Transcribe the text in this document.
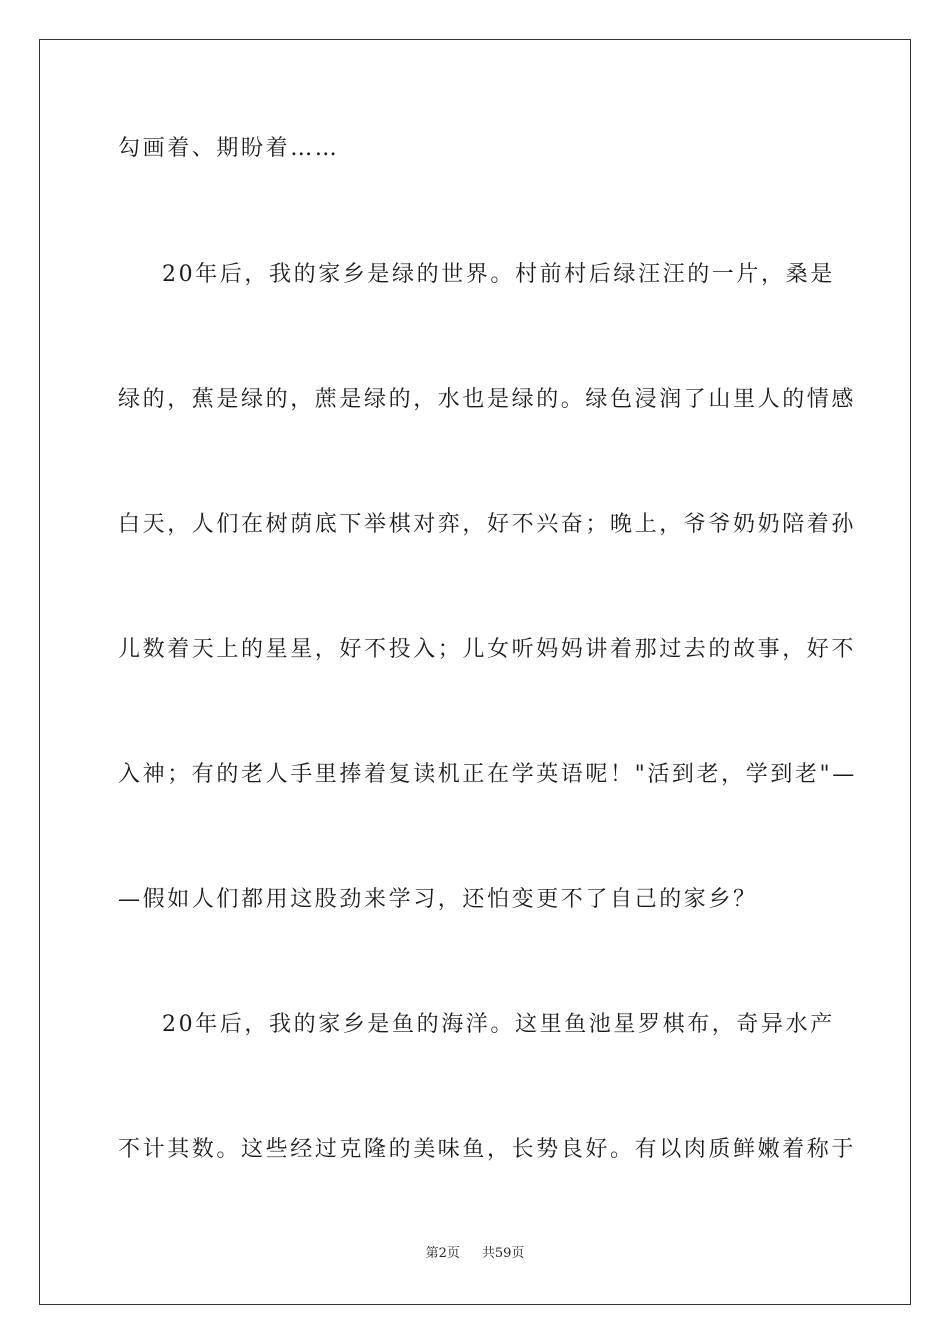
勾画着、期盼着……
20年后，我的家乡是绿的世界。村前村后绿汪汪的一片，桑是
绿的，蕉是绿的，蔗是绿的，水也是绿的。绿色浸润了山里人的情感
白天，人们在树荫底下举棋对弈，好不兴奋；晚上，爷爷奶奶陪着孙
儿数着天上的星星，好不投入；儿女听妈妈讲着那过去的故事，好不
入神；有的老人手里捧着复读机正在学英语呢！"活到老，学到老"—
—假如人们都用这股劲来学习，还怕变更不了自己的家乡？
20年后，我的家乡是鱼的海洋。这里鱼池星罗棋布，奇异水产
不计其数。这些经过克隆的美味鱼，长势良好。有以肉质鲜嫩着称于
第2页 共59页
